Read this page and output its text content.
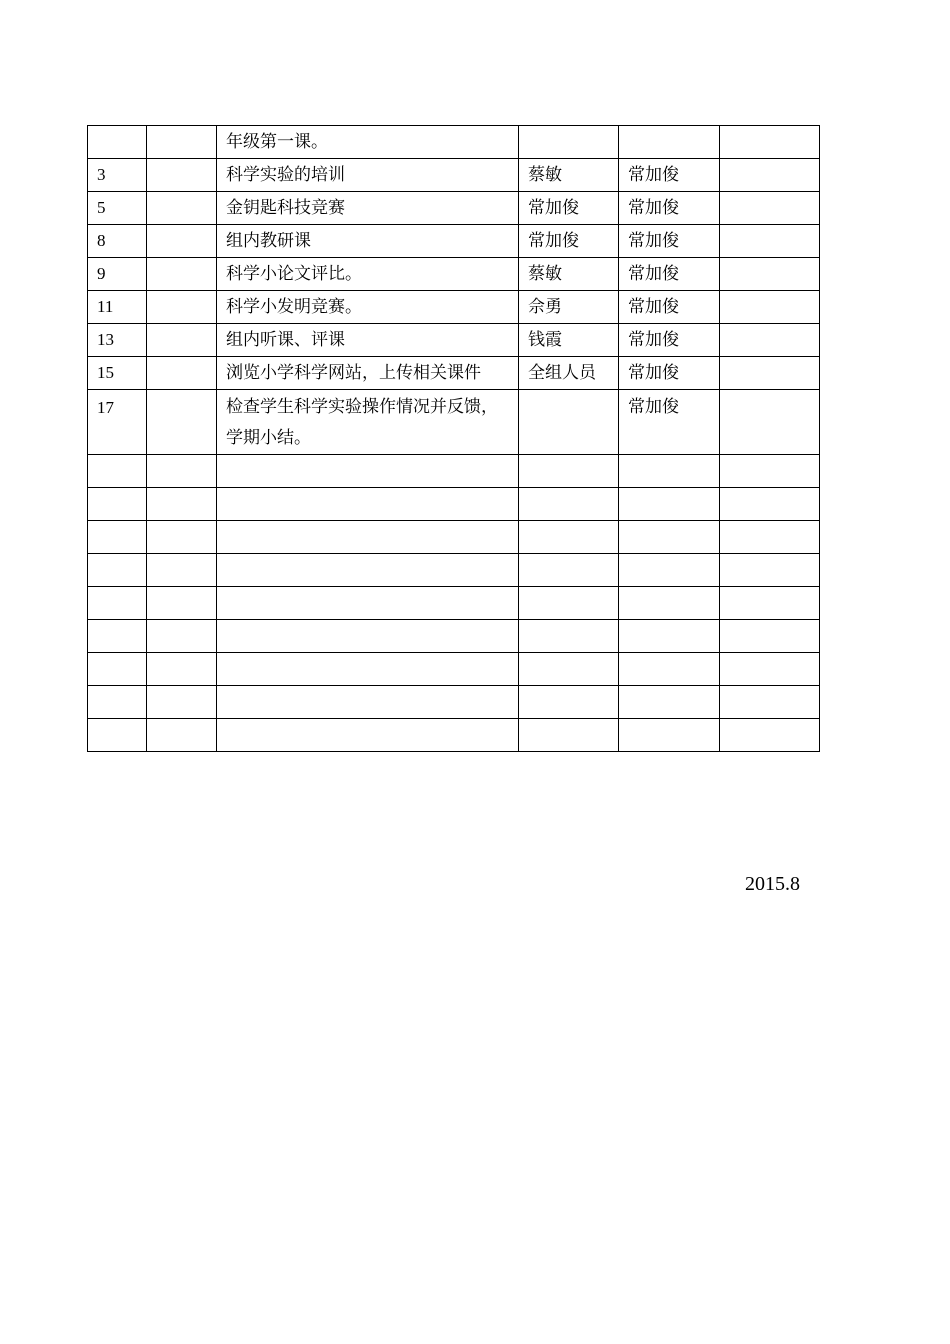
		年级第一课。			
3		科学实验的培训	蔡敏	常加俊	
5		金钥匙科技竞赛	常加俊	常加俊	
8		组内教研课	常加俊	常加俊	
9		科学小论文评比。	蔡敏	常加俊	
11		科学小发明竞赛。	佘勇	常加俊	
13		组内听课、评课	钱霞	常加俊	
15		浏览小学科学网站，上传相关课件	全组人员	常加俊	
17		检查学生科学实验操作情况并反馈，学期小结。		常加俊	

2015.8
